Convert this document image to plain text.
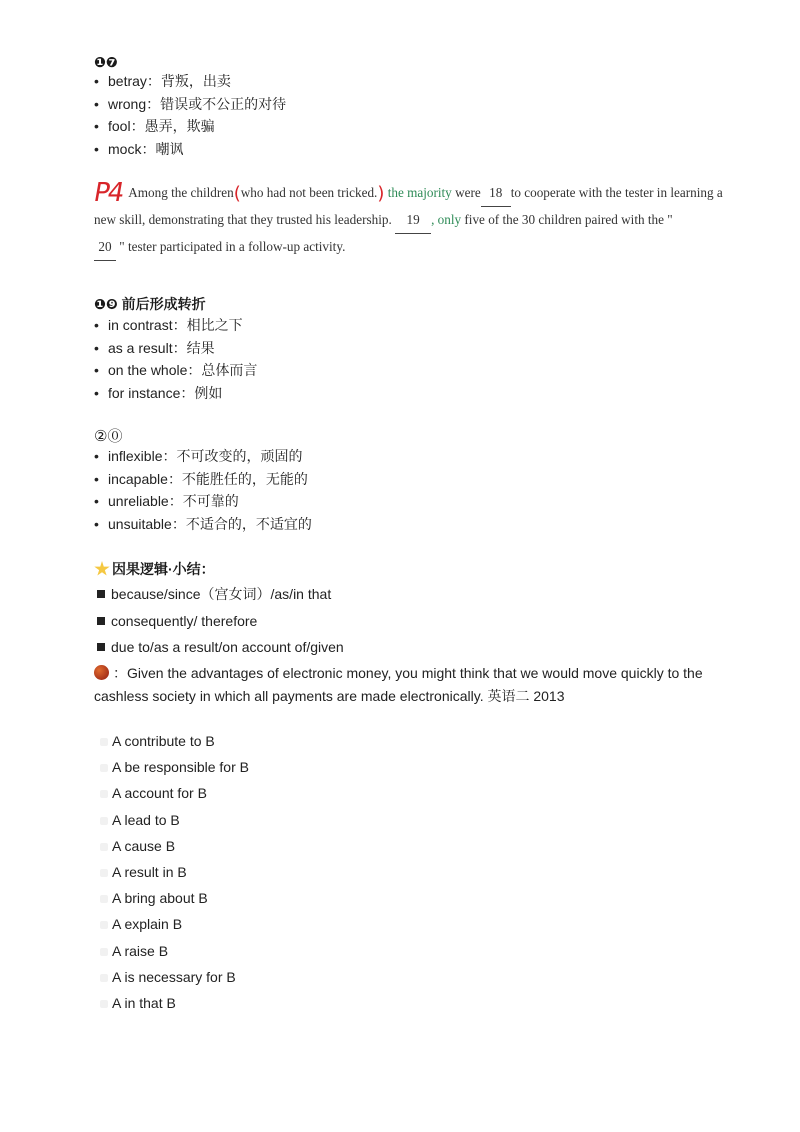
❶❼
• betray：背叛，出卖
• wrong：错误或不公正的对待
• fool：愚弄，欺骗
• mock：嘲讽
P4 Among the children(who had not been tricked.) the majority were 18 to cooperate with the tester in learning a new skill, demonstrating that they trusted his leadership. 19 , only five of the 30 children paired with the "
20 " tester participated in a follow-up activity.
❶❾ 前后形成转折
• in contrast：相比之下
• as a result：结果
• on the whole：总体而言
• for instance：例如
②⓪
• inflexible：不可改变的，顽固的
• incapable：不能胜任的，无能的
• unreliable：不可靠的
• unsuitable：不适合的，不适宜的
因果逻辑·小结：
because/since（宫女词）/as/in that
consequently/ therefore
due to/as a result/on account of/given
：Given the advantages of electronic money, you might think that we would move quickly to the cashless society in which all payments are made electronically. 英语二 2013
A contribute to B
A be responsible for B
A account for B
A lead to B
A cause B
A result in B
A bring about B
A explain B
A raise B
A is necessary for B
A in that B
